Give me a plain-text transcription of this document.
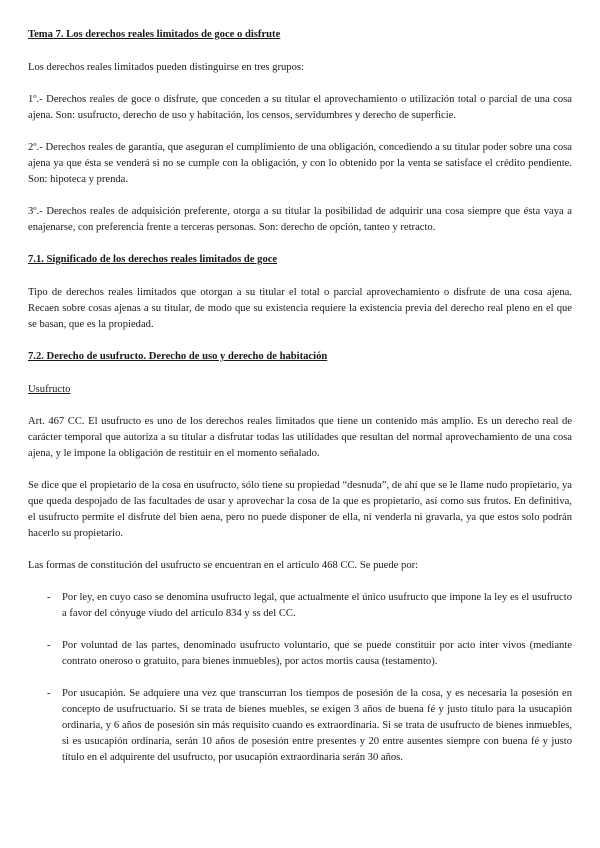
Tema 7. Los derechos reales limitados de goce o disfrute

Los derechos reales limitados pueden distinguirse en tres grupos:

1º.- Derechos reales de goce o disfrute, que conceden a su titular el aprovechamiento o utilización total o parcial de una cosa ajena. Son: usufructo, derecho de uso y habitación, los censos, servidumbres y derecho de superficie.

2º.- Derechos reales de garantía, que aseguran el cumplimiento de una obligación, concediendo a su titular poder sobre una cosa ajena ya que ésta se venderá si no se cumple con la obligación, y con lo obtenido por la venta se satisface el crédito pendiente. Son: hipoteca y prenda.

3º.- Derechos reales de adquisición preferente, otorga a su titular la posibilidad de adquirir una cosa siempre que ésta vaya a enajenarse, con preferencia frente a terceras personas. Son: derecho de opción, tanteo y retracto.

7.1. Significado de los derechos reales limitados de goce

Tipo de derechos reales limitados que otorgan a su titular el total o parcial aprovechamiento o disfrute de una cosa ajena. Recaen sobre cosas ajenas a su titular, de modo que su existencia requiere la existencia previa del derecho real pleno en el que se basan, que es la propiedad.

7.2. Derecho de usufructo. Derecho de uso y derecho de habitación

Usufructo

Art. 467 CC. El usufructo es uno de los derechos reales limitados que tiene un contenido más amplio. Es un derecho real de carácter temporal que autoriza a su titular a disfrutar todas las utilidades que resultan del normal aprovechamiento de una cosa ajena, y le impone la obligación de restituir en el momento señalado.

Se dice que el propietario de la cosa en usufructo, sólo tiene su propiedad “desnuda”, de ahí que se le llame nudo propietario, ya que queda despojado de las facultades de usar y aprovechar la cosa de la que es propietario, así como sus frutos. En definitiva, el usufructo permite el disfrute del bien aena, pero no puede disponer de ella, ni venderla ni gravarla, ya que estos solo podrán hacerlo su propietario.

Las formas de constitución del usufructo se encuentran en el artículo 468 CC. Se puede por:

- Por ley, en cuyo caso se denomina usufructo legal, que actualmente el único usufructo que impone la ley es el usufructo a favor del cónyuge viudo del artículo 834 y ss del CC.
- Por voluntad de las partes, denominado usufructo voluntario, que se puede constituir por acto inter vivos (mediante contrato oneroso o gratuito, para bienes inmuebles), por actos mortis causa (testamento).
- Por usucapión. Se adquiere una vez que transcurran los tiempos de posesión de la cosa, y es necesaria la posesión en concepto de usufructuario. Si se trata de bienes muebles, se exigen 3 años de buena fé y justo título para la usucapión ordinaria, y 6 años de posesión sin más requisito cuando es extraordinaria. Si se trata de usufructo de bienes inmuebles, si es usucapión ordinaria, serán 10 años de posesión entre presentes y 20 entre ausentes siempre con buena fé y justo título en el adquirente del usufructo, por usucapión extraordinaria serán 30 años.
